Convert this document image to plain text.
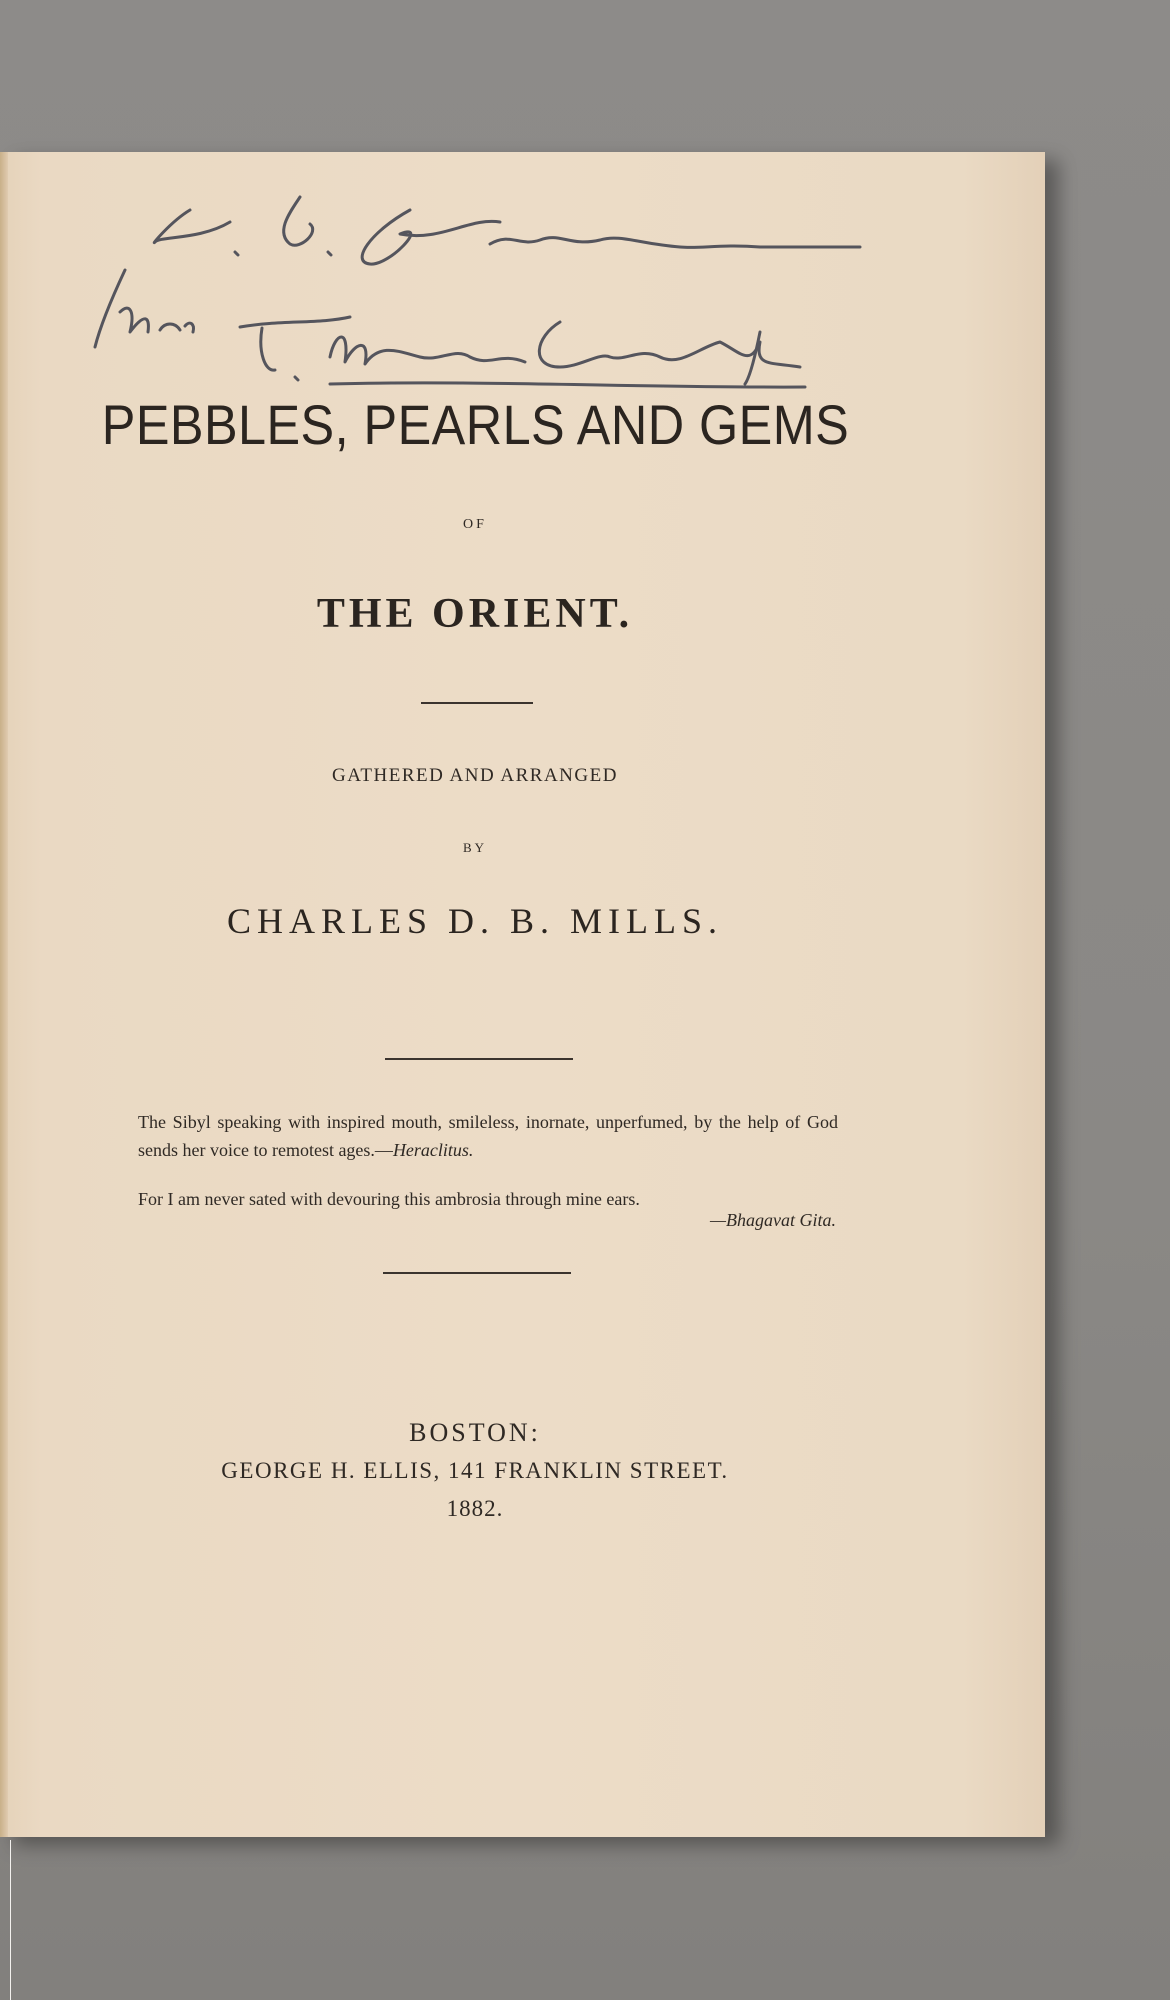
PEBBLES, PEARLS AND GEMS
OF
THE ORIENT.
GATHERED AND ARRANGED
BY
CHARLES D. B. MILLS.
The Sibyl speaking with inspired mouth, smileless, inornate, unperfumed, by the help of God sends her voice to remotest ages.—Heraclitus.
For I am never sated with devouring this ambrosia through mine ears.
—Bhagavat Gita.
BOSTON:
GEORGE H. ELLIS, 141 FRANKLIN STREET.
1882.
